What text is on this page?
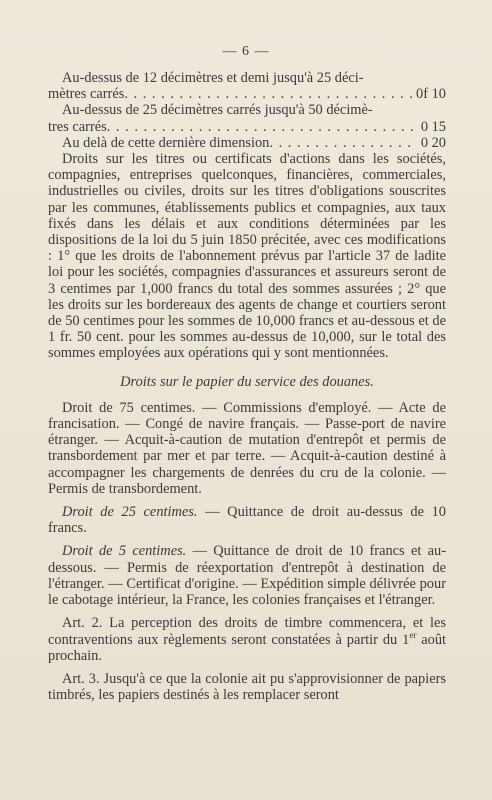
— 6 —

Au-dessus de 12 décimètres et demi jusqu'à 25 déci-

mètres carrés . . .	0f 10

Au-dessus de 25 décimètres carrés jusqu'à 50 décimè-

tres carrés . . .	0 15
Au delà de cette dernière dimension . . .	0 20

Droits sur les titres ou certificats d'actions dans les sociétés, compagnies, entreprises quelconques, financières, commerciales, industrielles ou civiles, droits sur les titres d'obligations souscrites par les communes, établissements publics et compagnies, aux taux fixés dans les délais et aux conditions déterminées par les dispositions de la loi du 5 juin 1850 précitée, avec ces modifications : 1° que les droits de l'abonnement prévus par l'article 37 de ladite loi pour les sociétés, compagnies d'assurances et assureurs seront de 3 centimes par 1,000 francs du total des sommes assurées ; 2° que les droits sur les bordereaux des agents de change et courtiers seront de 50 centimes pour les sommes de 10,000 francs et au-dessous et de 1 fr. 50 cent. pour les sommes au-dessus de 10,000, sur le total des sommes employées aux opérations qui y sont mentionnées.

Droits sur le papier du service des douanes.

Droit de 75 centimes. — Commissions d'employé. — Acte de francisation. — Congé de navire français. — Passe-port de navire étranger. — Acquit-à-caution de mutation d'entrepôt et permis de transbordement par mer et par terre. — Acquit-à-caution destiné à accompagner les chargements de denrées du cru de la colonie. — Permis de transbordement.

Droit de 25 centimes. — Quittance de droit au-dessus de 10 francs.

Droit de 5 centimes. — Quittance de droit de 10 francs et au-dessous. — Permis de réexportation d'entrepôt à destination de l'étranger. — Certificat d'origine. — Expédition simple délivrée pour le cabotage intérieur, la France, les colonies françaises et l'étranger.

Art. 2. La perception des droits de timbre commencera, et les contraventions aux règlements seront constatées à partir du 1er août prochain.

Art. 3. Jusqu'à ce que la colonie ait pu s'approvisionner de papiers timbrés, les papiers destinés à les remplacer seront
